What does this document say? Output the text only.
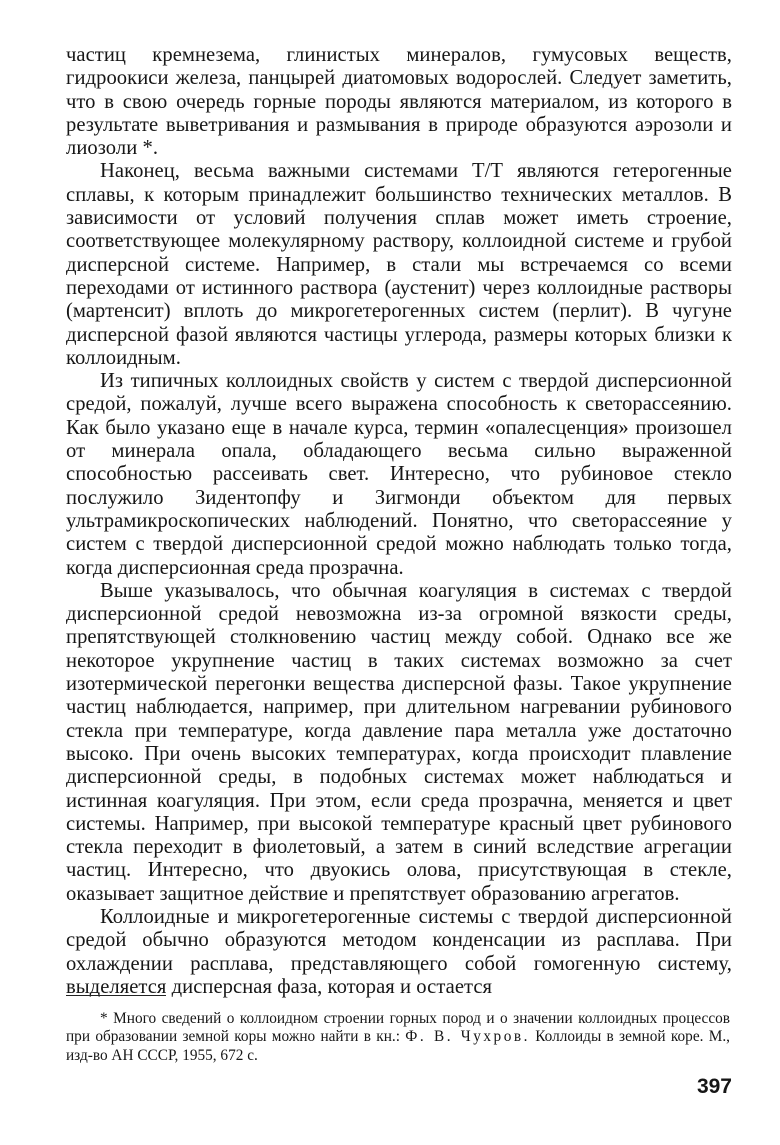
частиц кремнезема, глинистых минералов, гумусовых веществ, гидроокиси железа, панцырей диатомовых водорослей. Следует заметить, что в свою очередь горные породы являются материалом, из которого в результате выветривания и размывания в природе образуются аэрозоли и лиозоли *.

Наконец, весьма важными системами Т/Т являются гетерогенные сплавы, к которым принадлежит большинство технических металлов. В зависимости от условий получения сплав может иметь строение, соответствующее молекулярному раствору, коллоидной системе и грубой дисперсной системе. Например, в стали мы встречаемся со всеми переходами от истинного раствора (аустенит) через коллоидные растворы (мартенсит) вплоть до микрогетерогенных систем (перлит). В чугуне дисперсной фазой являются частицы углерода, размеры которых близки к коллоидным.

Из типичных коллоидных свойств у систем с твердой дисперсионной средой, пожалуй, лучше всего выражена способность к светорассеянию. Как было указано еще в начале курса, термин «опалесценция» произошел от минерала опала, обладающего весьма сильно выраженной способностью рассеивать свет. Интересно, что рубиновое стекло послужило Зидентопфу и Зигмонди объектом для первых ультрамикроскопических наблюдений. Понятно, что светорассеяние у систем с твердой дисперсионной средой можно наблюдать только тогда, когда дисперсионная среда прозрачна.

Выше указывалось, что обычная коагуляция в системах с твердой дисперсионной средой невозможна из-за огромной вязкости среды, препятствующей столкновению частиц между собой. Однако все же некоторое укрупнение частиц в таких системах возможно за счет изотермической перегонки вещества дисперсной фазы. Такое укрупнение частиц наблюдается, например, при длительном нагревании рубинового стекла при температуре, когда давление пара металла уже достаточно высоко. При очень высоких температурах, когда происходит плавление дисперсионной среды, в подобных системах может наблюдаться и истинная коагуляция. При этом, если среда прозрачна, меняется и цвет системы. Например, при высокой температуре красный цвет рубинового стекла переходит в фиолетовый, а затем в синий вследствие агрегации частиц. Интересно, что двуокись олова, присутствующая в стекле, оказывает защитное действие и препятствует образованию агрегатов.

Коллоидные и микрогетерогенные системы с твердой дисперсионной средой обычно образуются методом конденсации из расплава. При охлаждении расплава, представляющего собой гомогенную систему, выделяется дисперсная фаза, которая и остается

* Много сведений о коллоидном строении горных пород и о значении коллоидных процессов при образовании земной коры можно найти в кн.: Ф. В. Чухров. Коллоиды в земной коре. М., изд-во АН СССР, 1955, 672 с.

397
